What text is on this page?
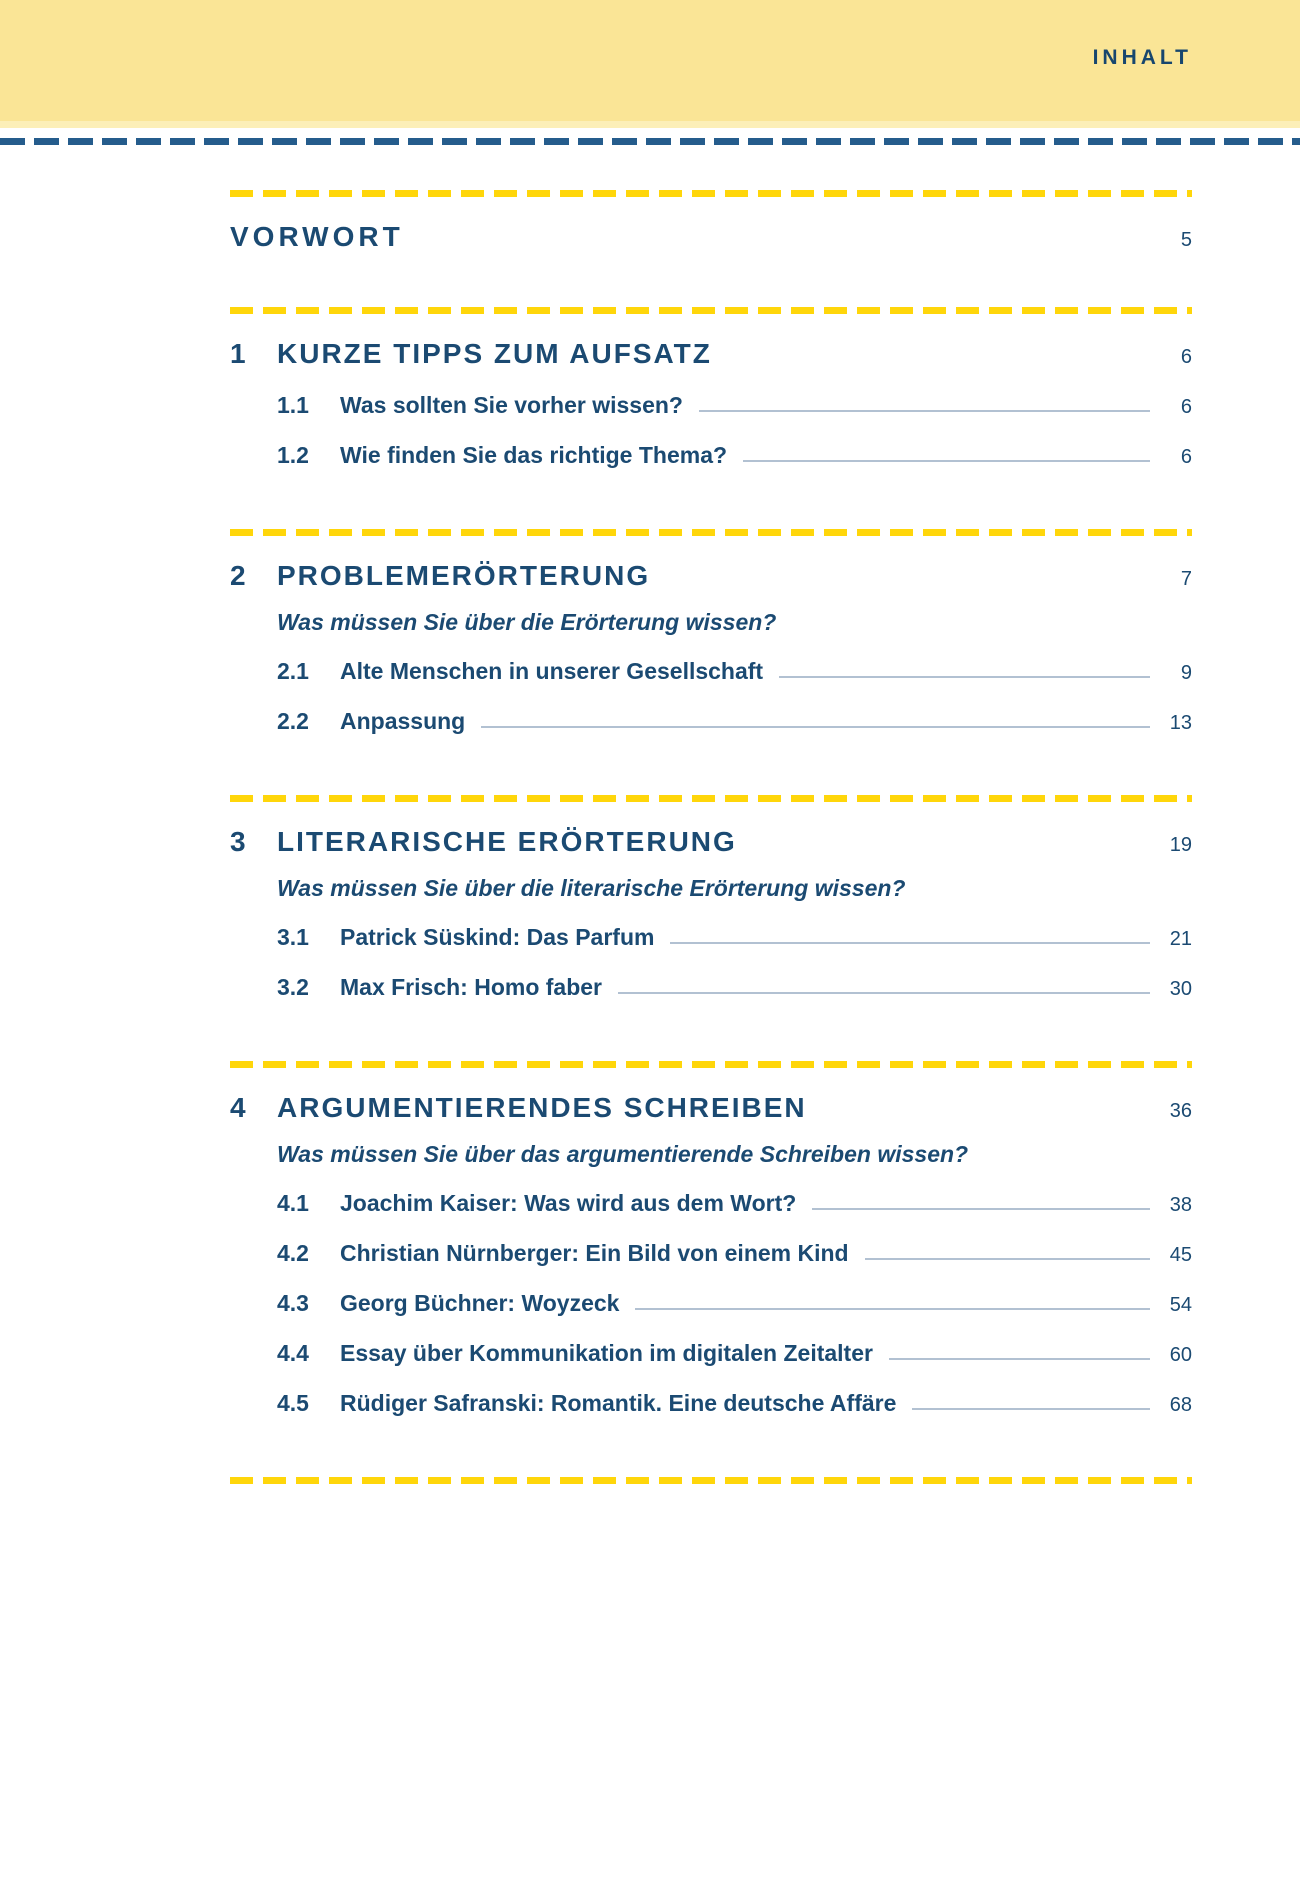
INHALT
VORWORT	5
1	KURZE TIPPS ZUM AUFSATZ	6
1.1	Was sollten Sie vorher wissen?	6
1.2	Wie finden Sie das richtige Thema?	6
2	PROBLEMERÖRTERUNG	7
Was müssen Sie über die Erörterung wissen?
2.1	Alte Menschen in unserer Gesellschaft	9
2.2	Anpassung	13
3	LITERARISCHE ERÖRTERUNG	19
Was müssen Sie über die literarische Erörterung wissen?
3.1	Patrick Süskind: Das Parfum	21
3.2	Max Frisch: Homo faber	30
4	ARGUMENTIERENDES SCHREIBEN	36
Was müssen Sie über das argumentierende Schreiben wissen?
4.1	Joachim Kaiser: Was wird aus dem Wort?	38
4.2	Christian Nürnberger: Ein Bild von einem Kind	45
4.3	Georg Büchner: Woyzeck	54
4.4	Essay über Kommunikation im digitalen Zeitalter	60
4.5	Rüdiger Safranski: Romantik. Eine deutsche Affäre	68
